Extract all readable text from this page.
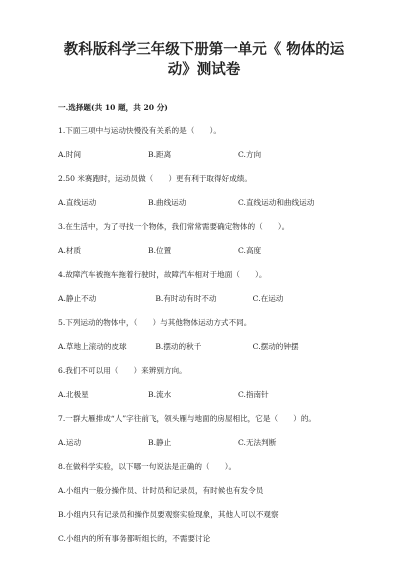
教科版科学三年级下册第一单元《 物体的运动》测试卷
一.选择题(共 10 题，共 20 分)
1.下面三项中与运动快慢没有关系的是（　　）。
A.时间	B.距离	C.方向
2.50 米赛跑时，运动员做（　　）更有利于取得好成绩。
A.直线运动	B.曲线运动	C.直线运动和曲线运动
3.在生活中，为了寻找一个物体，我们常常需要确定物体的（　　）。
A.材质	B.位置	C.高度
4.故障汽车被拖车拖着行驶时，故障汽车相对于地面（　　）。
A.静止不动	B.有时动有时不动	C.在运动
5.下列运动的物体中，（　　）与其他物体运动方式不同。
A.草地上滚动的皮球	B.摆动的秋千	C.摆动的钟摆
6.我们不可以用（　　）来辨别方向。
A.北极星	B.流水	C.指南针
7.一群大雁排成“人”字往前飞，领头雁与地面的房屋相比，它是（　　）的。
A.运动	B.静止	C.无法判断
8.在做科学实验，以下哪一句说法是正确的（　　）。
A.小组内一般分操作员、计时员和记录员，有时候也有发令员
B.小组内只有记录员和操作员要观察实验现象，其他人可以不观察
C.小组内的所有事务都听组长的，不需要讨论
